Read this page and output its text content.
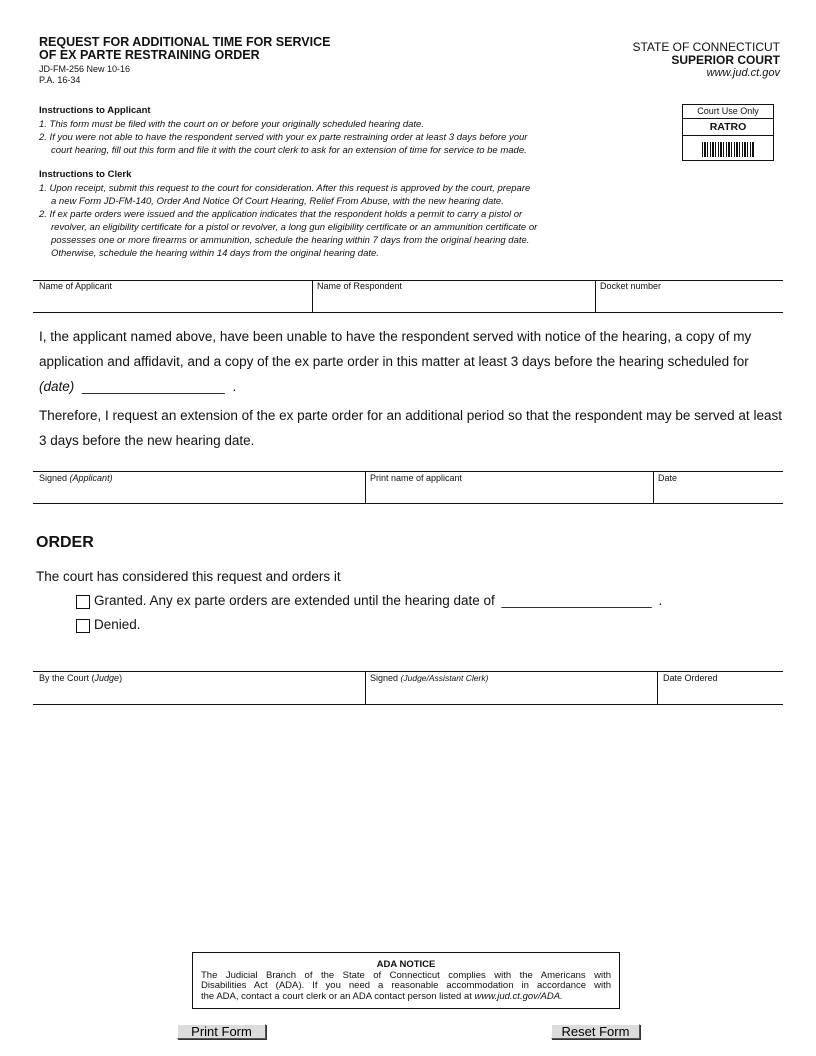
REQUEST FOR ADDITIONAL TIME FOR SERVICE
OF EX PARTE RESTRAINING ORDER
JD-FM-256 New 10-16
P.A. 16-34
STATE OF CONNECTICUT
SUPERIOR COURT
www.jud.ct.gov
Court Use Only
RATRO
Instructions to Applicant
1. This form must be filed with the court on or before your originally scheduled hearing date.
2. If you were not able to have the respondent served with your ex parte restraining order at least 3 days before your
court hearing, fill out this form and file it with the court clerk to ask for an extension of time for service to be made.
Instructions to Clerk
1. Upon receipt, submit this request to the court for consideration. After this request is approved by the court, prepare
a new Form JD-FM-140, Order And Notice Of Court Hearing, Relief From Abuse, with the new hearing date.
2. If ex parte orders were issued and the application indicates that the respondent holds a permit to carry a pistol or
revolver, an eligibility certificate for a pistol or revolver, a long gun eligibility certificate or an ammunition certificate or
possesses one or more firearms or ammunition, schedule the hearing within 7 days from the original hearing date.
Otherwise, schedule the hearing within 14 days from the original hearing date.
Name of Applicant	Name of Respondent	Docket number
I, the applicant named above, have been unable to have the respondent served with notice of the hearing, a copy of my
application and affidavit, and a copy of the ex parte order in this matter at least 3 days before the hearing scheduled for
(date) ___________________ .
Therefore, I request an extension of the ex parte order for an additional period so that the respondent may be served at least
3 days before the new hearing date.
Signed (Applicant)	Print name of applicant	Date
ORDER
The court has considered this request and orders it
Granted. Any ex parte orders are extended until the hearing date of ____________________ .
Denied.
By the Court (Judge)	Signed (Judge/Assistant Clerk)	Date Ordered
ADA NOTICE
The Judicial Branch of the State of Connecticut complies with the Americans with
Disabilities Act (ADA). If you need a reasonable accommodation in accordance with
the ADA, contact a court clerk or an ADA contact person listed at www.jud.ct.gov/ADA.
Print Form	Reset Form
